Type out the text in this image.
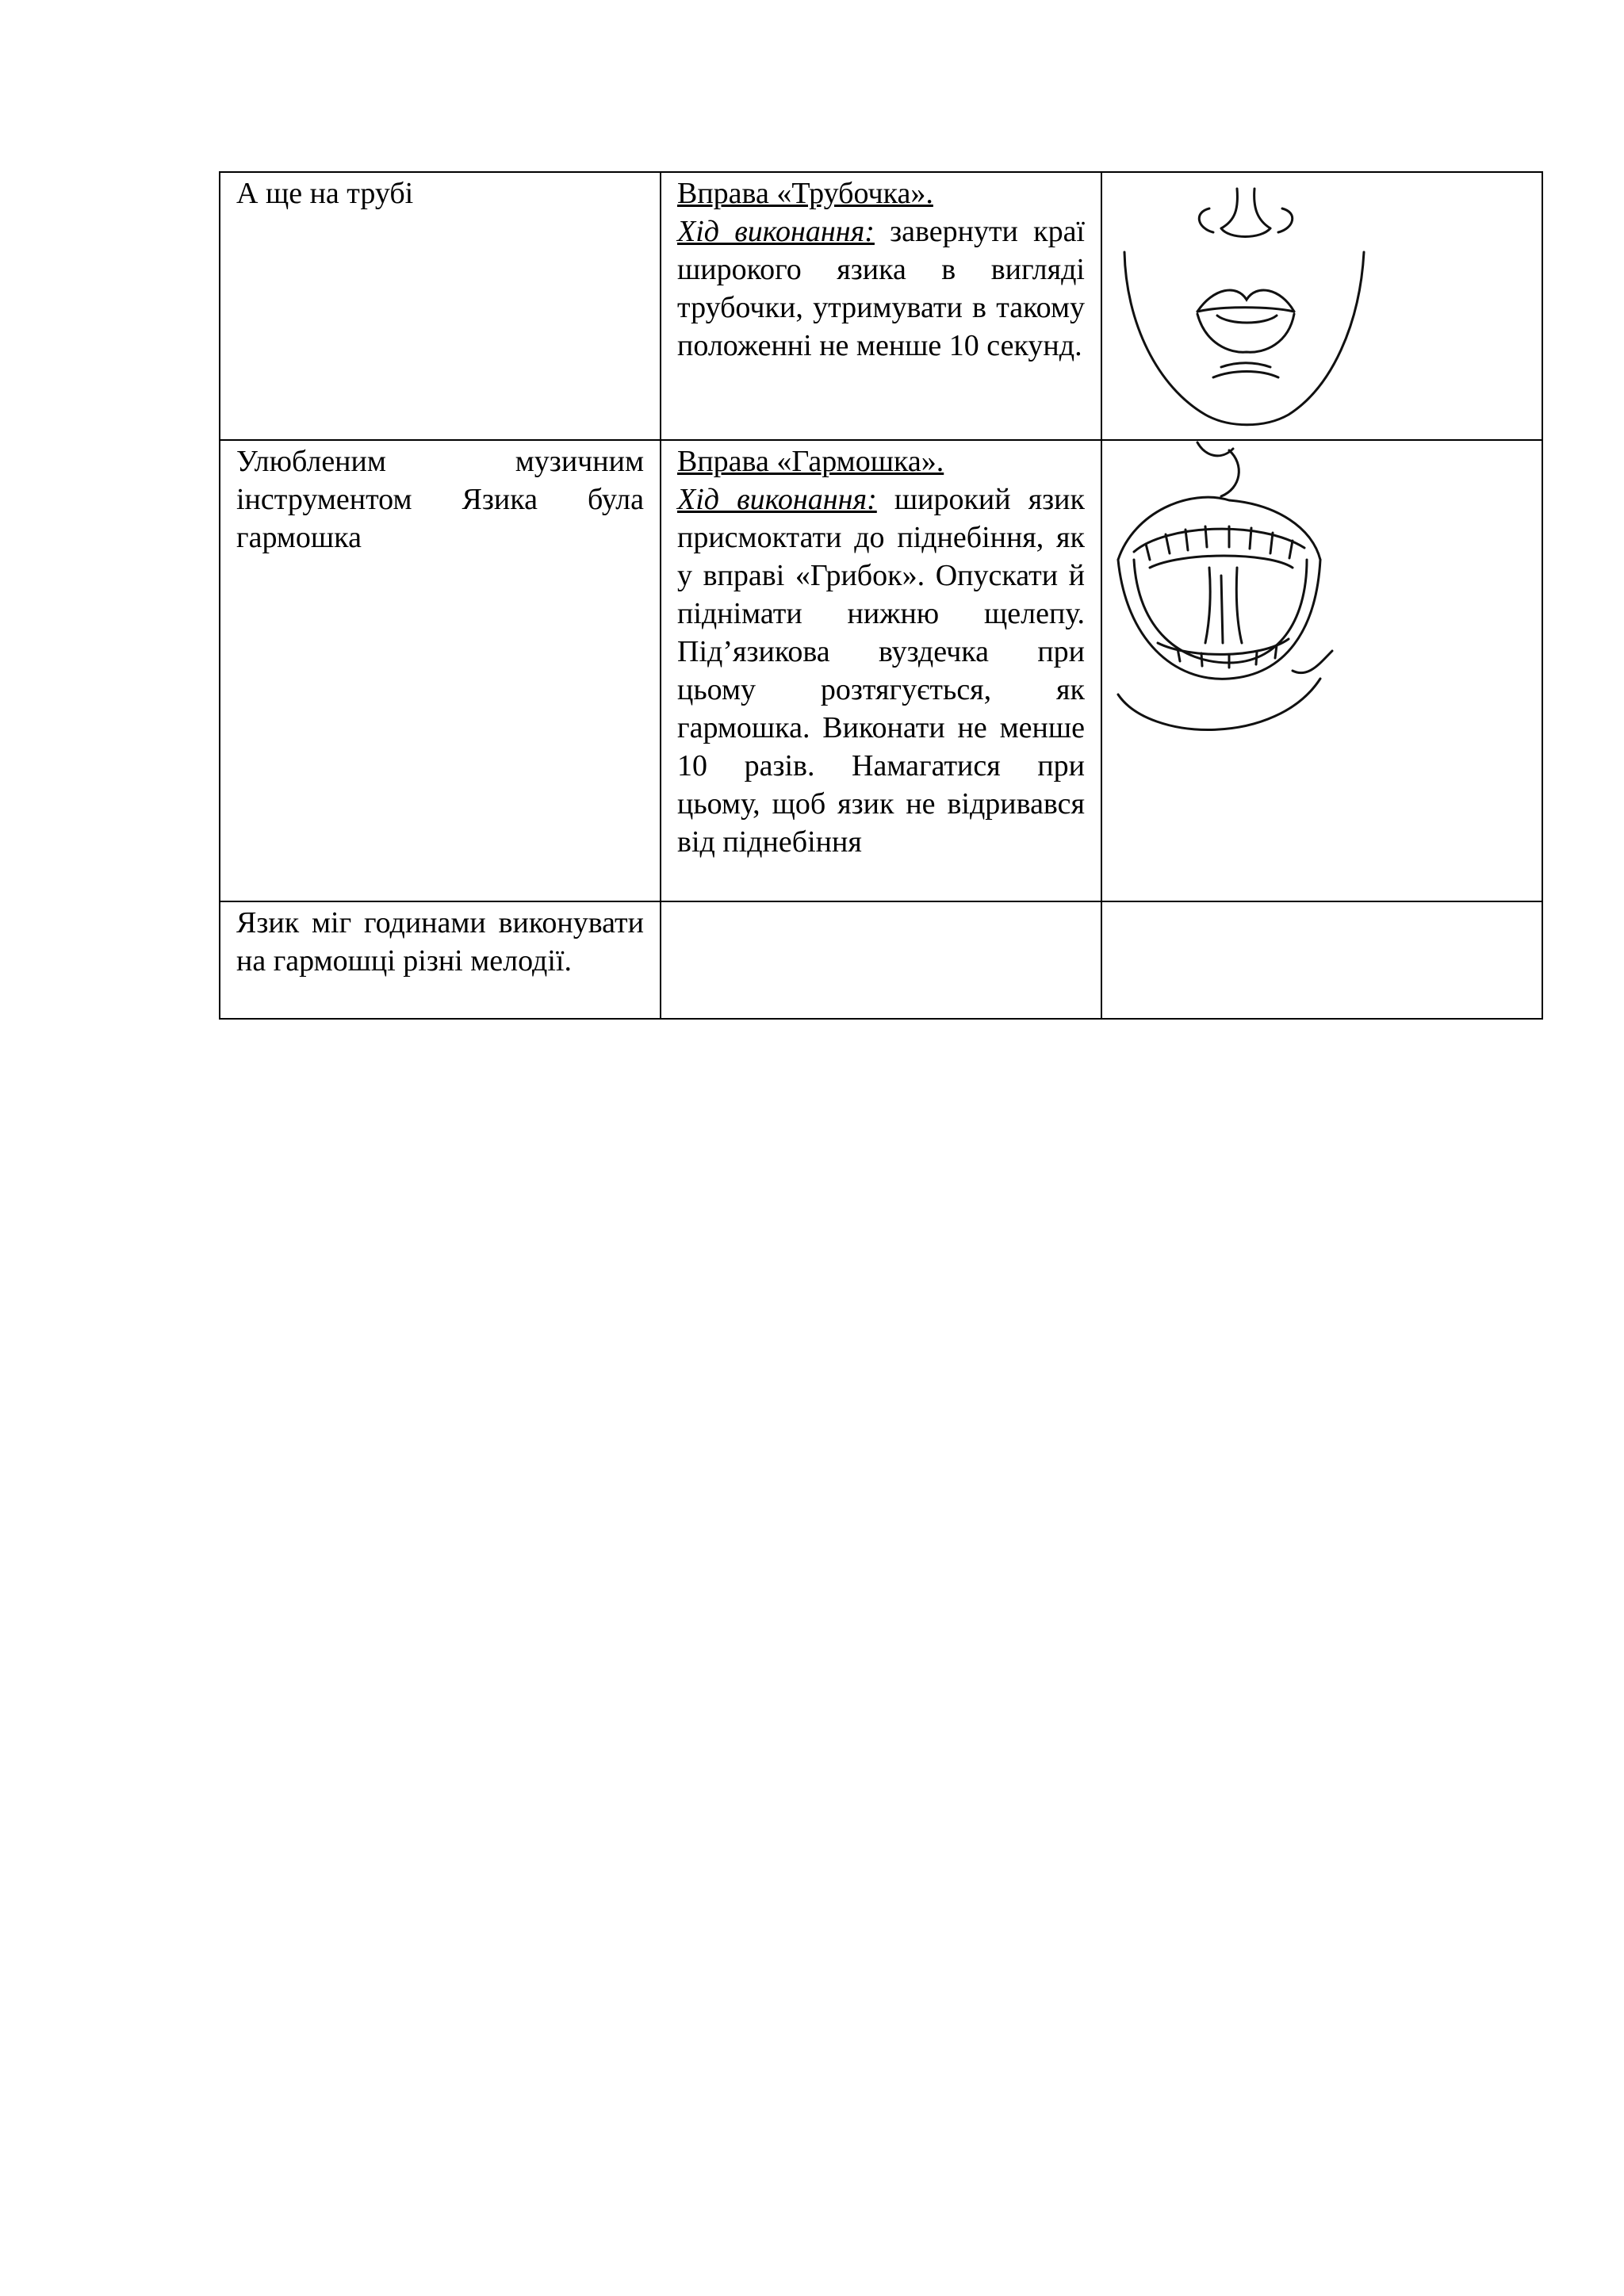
А ще на трубі	Вправа «Трубочка».
Хід виконання: завернути краї широкого язика в вигляді трубочки, утримувати в такому положенні не менше 10 секунд.	

Улюбленим музичним інструментом Язика була гармошка	Вправа «Гармошка».
Хід виконання: широкий язик присмоктати до піднебіння, як у вправі «Грибок». Опускати й піднімати нижню щелепу. Під’язикова вуздечка при цьому розтягується, як гармошка. Виконати не менше 10 разів. Намагатися при цьому, щоб язик не відривався від піднебіння	

Язик міг годинами виконувати на гармошці різні мелодії.		
